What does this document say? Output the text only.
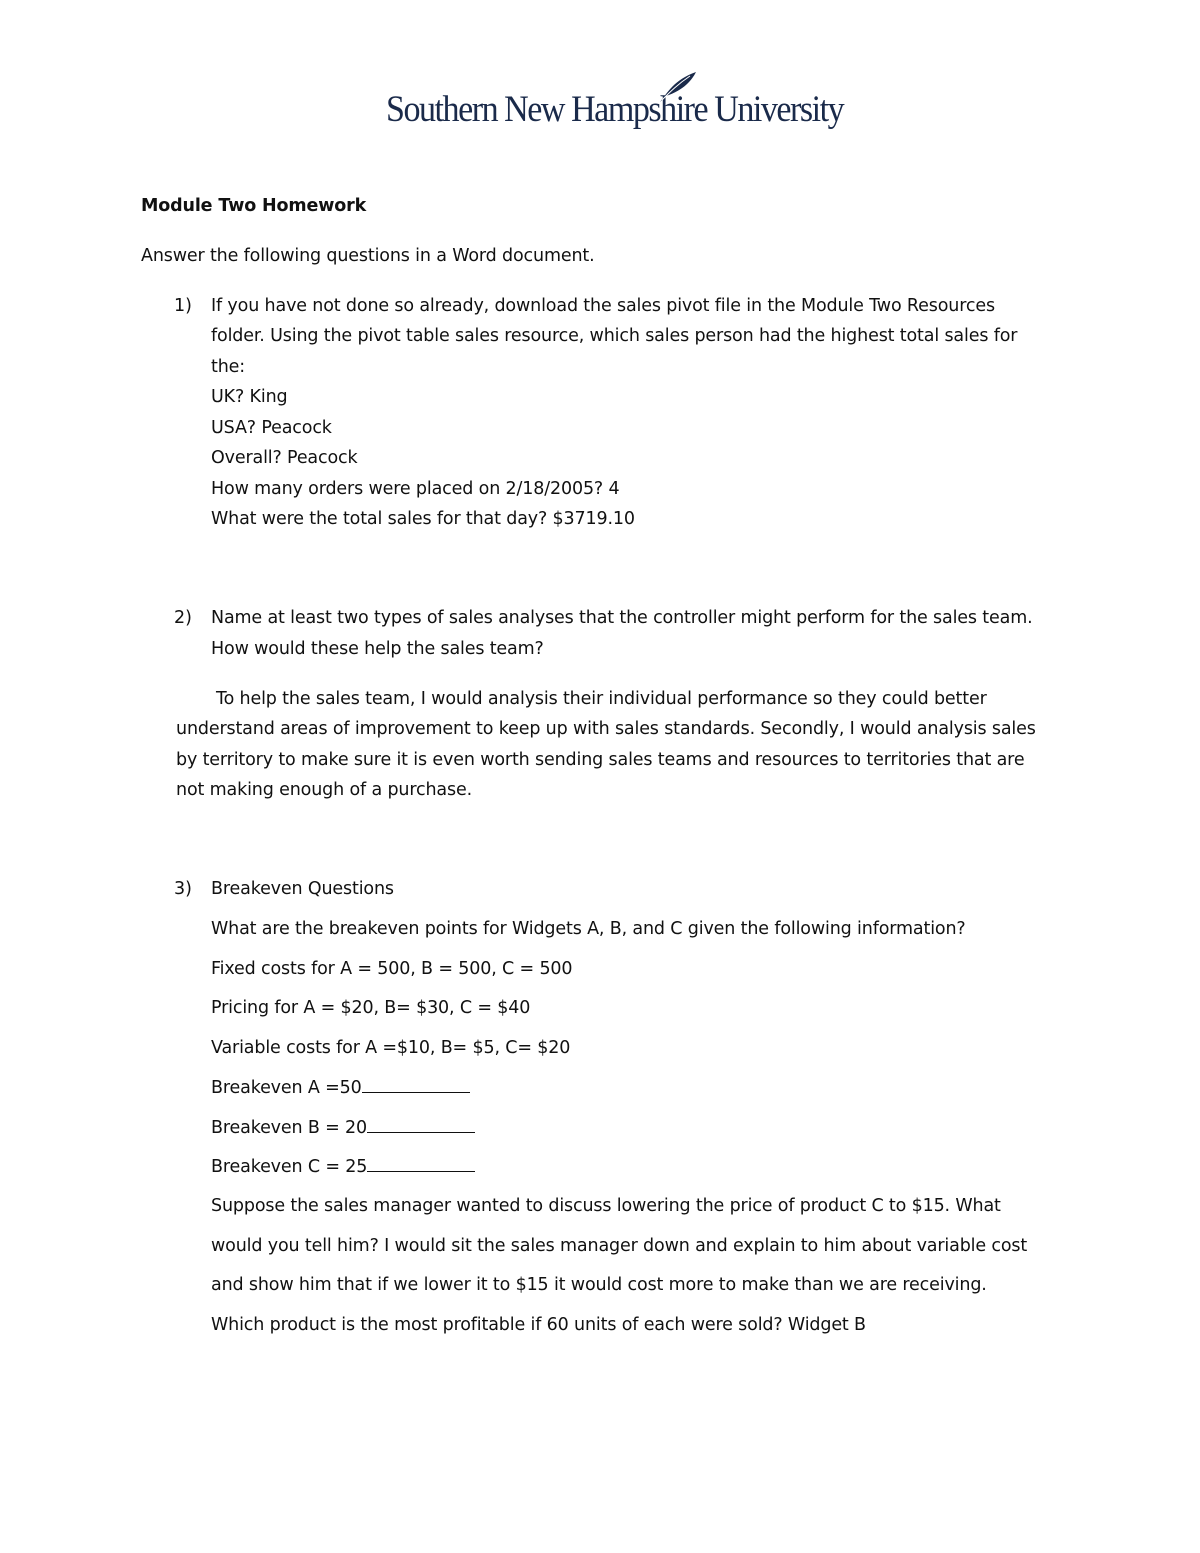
Southern New Hampshire University
Module Two Homework
Answer the following questions in a Word document.
1) If you have not done so already, download the sales pivot file in the Module Two Resources
folder. Using the pivot table sales resource, which sales person had the highest total sales for
the:
UK? King
USA? Peacock
Overall? Peacock
How many orders were placed on 2/18/2005? 4
What were the total sales for that day? $3719.10
2) Name at least two types of sales analyses that the controller might perform for the sales team.
How would these help the sales team?
To help the sales team, I would analysis their individual performance so they could better
understand areas of improvement to keep up with sales standards. Secondly, I would analysis sales
by territory to make sure it is even worth sending sales teams and resources to territories that are
not making enough of a purchase.
3) Breakeven Questions
What are the breakeven points for Widgets A, B, and C given the following information?
Fixed costs for A = 500, B = 500, C = 500
Pricing for A = $20, B= $30, C = $40
Variable costs for A =$10, B= $5, C= $20
Breakeven A =50
Breakeven B = 20
Breakeven C = 25
Suppose the sales manager wanted to discuss lowering the price of product C to $15. What
would you tell him? I would sit the sales manager down and explain to him about variable cost
and show him that if we lower it to $15 it would cost more to make than we are receiving.
Which product is the most profitable if 60 units of each were sold? Widget B
